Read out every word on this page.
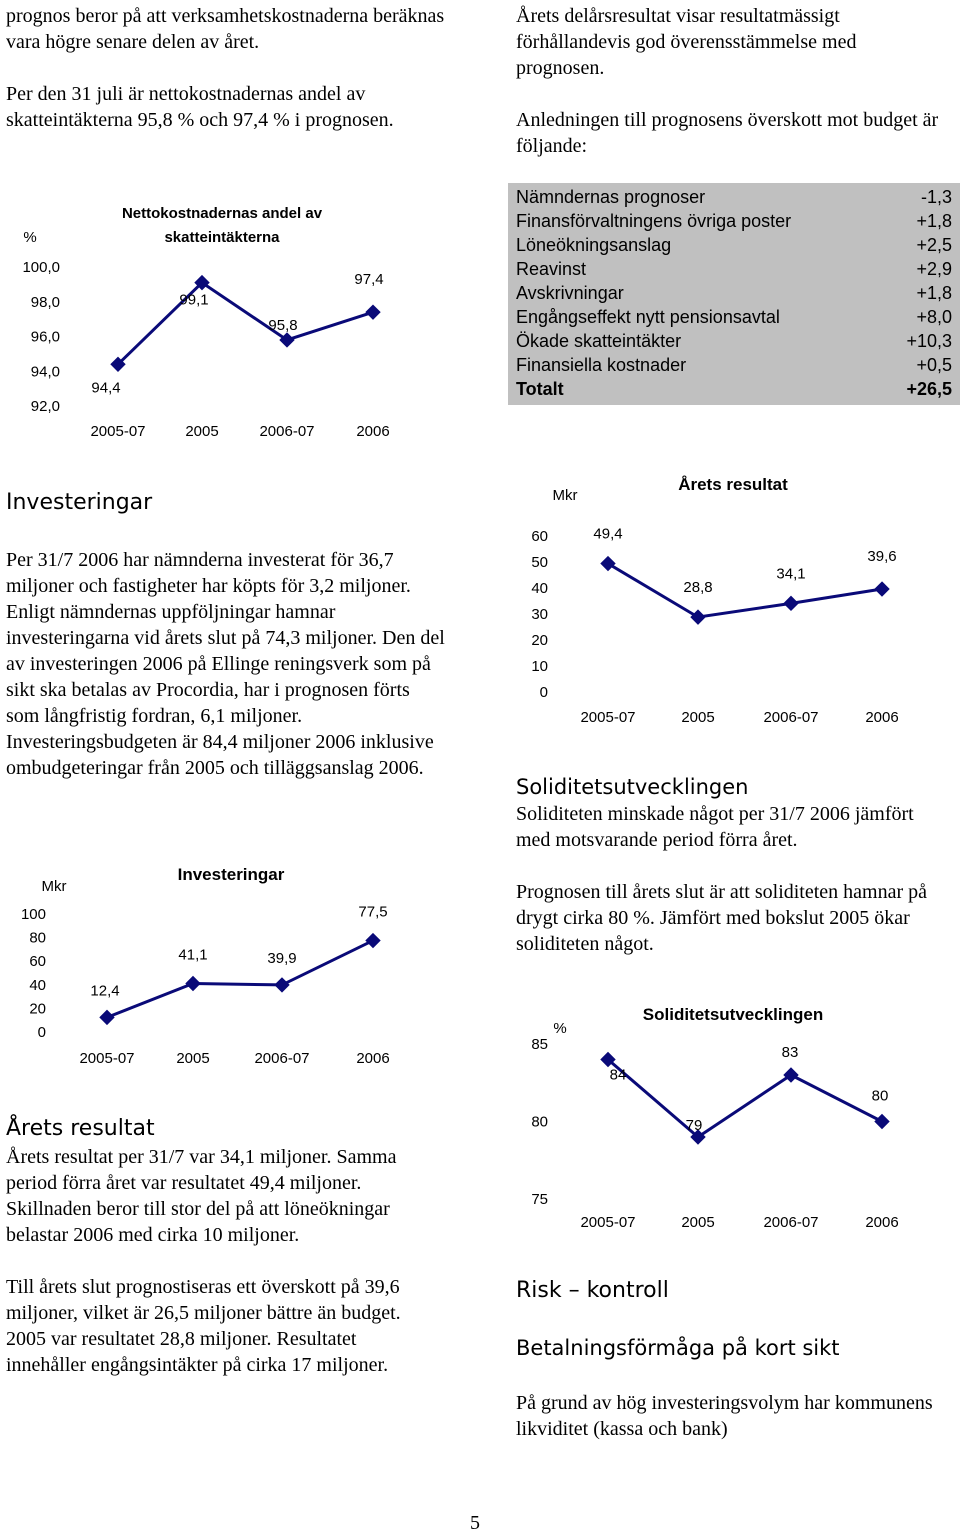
prognos beror på att verksamhetskostnaderna beräknas vara högre senare delen av året.

Per den 31 juli är nettokostnadernas andel av skatteintäkterna 95,8 % och 97,4 % i prognosen.

Årets delårsresultat visar resultatmässigt förhållandevis god överensstämmelse med prognosen.

Anledningen till prognosens överskott mot budget är följande:

Nettokostnadernas andel av
skatteintäkterna
%
100,0
98,0
96,0
94,0
92,0
2005-07	2005	2006-07	2006
94,4
99,1
95,8
97,4
Nämndernas prognoser	-1,3
Finansförvaltningens övriga poster	+1,8
Löneökningsanslag	+2,5
Reavinst	+2,9
Avskrivningar	+1,8
Engångseffekt nytt pensionsavtal	+8,0
Ökade skatteintäkter	+10,3
Finansiella kostnader	+0,5
Totalt	+26,5
Investeringar

Per 31/7 2006 har nämnderna investerat för 36,7 miljoner och fastigheter har köpts för 3,2 miljoner. Enligt nämndernas uppföljningar hamnar investeringarna vid årets slut på 74,3 miljoner. Den del av investeringen 2006 på Ellinge reningsverk som på sikt ska betalas av Procordia, har i prognosen förts som långfristig fordran, 6,1 miljoner. Investeringsbudgeten är 84,4 miljoner 2006 inklusive ombudgeteringar från 2005 och tilläggsanslag 2006.

Årets resultat
Mkr
60
50
40
30
20
10
0
2005-07	2005	2006-07	2006
49,4
28,8
34,1
39,6
Soliditetsutvecklingen

Soliditeten minskade något per 31/7 2006 jämfört med motsvarande period förra året.

Prognosen till årets slut är att soliditeten hamnar på drygt cirka 80 %. Jämfört med bokslut 2005 ökar soliditeten något.

Investeringar
Mkr
100
80
60
40
20
0
2005-07	2005	2006-07	2006
12,4
41,1	39,9
77,5
Soliditetsutvecklingen
%
85
80
75
2005-07	2005	2006-07	2006
84
79
83
80
Årets resultat

Årets resultat per 31/7 var 34,1 miljoner. Samma period förra året var resultatet 49,4 miljoner. Skillnaden beror till stor del på att löneökningar belastar 2006 med cirka 10 miljoner.

Till årets slut prognostiseras ett överskott på 39,6 miljoner, vilket är 26,5 miljoner bättre än budget. 2005 var resultatet 28,8 miljoner. Resultatet innehåller engångsintäkter på cirka 17 miljoner.

Risk – kontroll
Betalningsförmåga på kort sikt

På grund av hög investeringsvolym har kommunens likviditet (kassa och bank)

5
